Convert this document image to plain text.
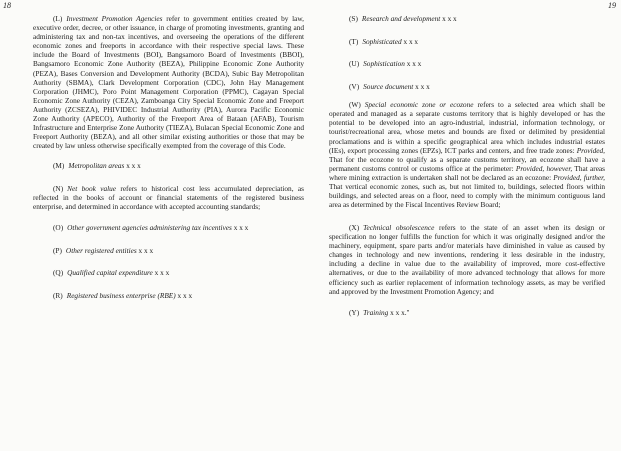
18	19

(L) Investment Promotion Agencies refer to government entities created by law, executive order, decree, or other issuance, in charge of promoting investments, granting and administering tax and non-tax incentives, and overseeing the operations of the different economic zones and freeports in accordance with their respective special laws. These include the Board of Investments (BOI), Bangsamoro Board of Investments (BBOI), Bangsamoro Economic Zone Authority (BEZA), Philippine Economic Zone Authority (PEZA), Bases Conversion and Development Authority (BCDA), Subic Bay Metropolitan Authority (SBMA), Clark Development Corporation (CDC), John Hay Management Corporation (JHMC), Poro Point Management Corporation (PPMC), Cagayan Special Economic Zone Authority (CEZA), Zamboanga City Special Economic Zone and Freeport Authority (ZCSEZA), PHIVIDEC Industrial Authority (PIA), Aurora Pacific Economic Zone Authority (APECO), Authority of the Freeport Area of Bataan (AFAB), Tourism Infrastructure and Enterprise Zone Authority (TIEZA), Bulacan Special Economic Zone and Freeport Authority (BEZA), and all other similar existing authorities or those that may be created by law unless otherwise specifically exempted from the coverage of this Code.

(M) Metropolitan areas x x x

(N) Net book value refers to historical cost less accumulated depreciation, as reflected in the books of account or financial statements of the registered business enterprise, and determined in accordance with accepted accounting standards;

(O) Other government agencies administering tax incentives x x x

(P) Other registered entities x x x
(Q) Qualified capital expenditure x x x
(R) Registered business enterprise (RBE) x x x
(S) Research and development x x x
(T) Sophisticated x x x
(U) Sophistication x x x
(V) Source document x x x

(W) Special economic zone or ecozone refers to a selected area which shall be operated and managed as a separate customs territory that is highly developed or has the potential to be developed into an agro-industrial, industrial, information technology, or tourist/recreational area, whose metes and bounds are fixed or delimited by presidential proclamations and is within a specific geographical area which includes industrial estates (IEs), export processing zones (EPZs), ICT parks and centers, and free trade zones: Provided, That for the ecozone to qualify as a separate customs territory, an ecozone shall have a permanent customs control or customs office at the perimeter: Provided, however, That areas where mining extraction is undertaken shall not be declared as an ecozone: Provided, further, That vertical economic zones, such as, but not limited to, buildings, selected floors within buildings, and selected areas on a floor, need to comply with the minimum contiguous land area as determined by the Fiscal Incentives Review Board;

(X) Technical obsolescence refers to the state of an asset when its design or specification no longer fulfills the function for which it was originally designed and/or the machinery, equipment, spare parts and/or materials have diminished in value as caused by changes in technology and new inventions, rendering it less desirable in the industry, including a decline in value due to the availability of improved, more cost-effective alternatives, or due to the availability of more advanced technology that allows for more efficiency such as earlier replacement of information technology assets, as may be verified and approved by the Investment Promotion Agency; and

(Y) Training x x x."
